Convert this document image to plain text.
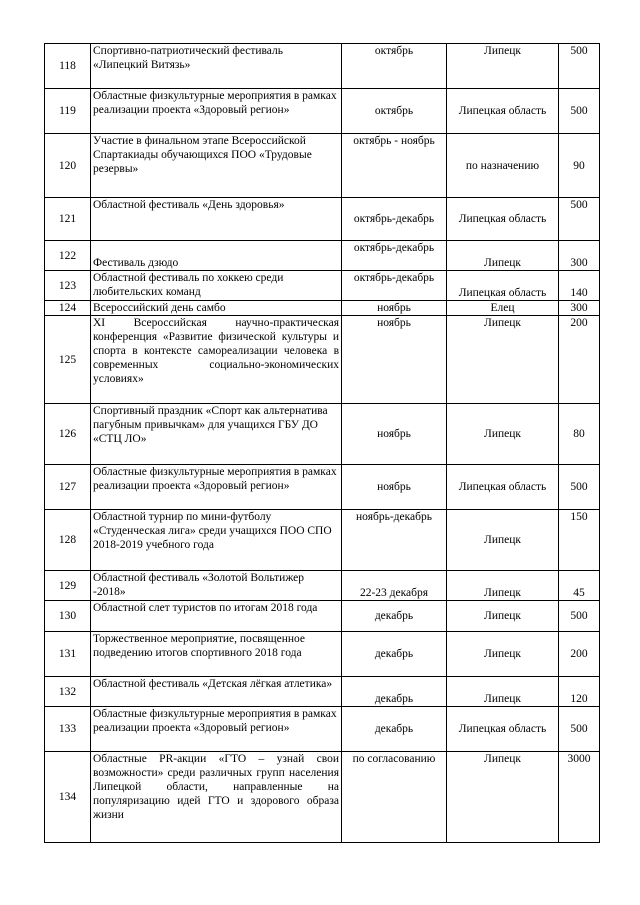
118	Спортивно-патриотический фестиваль «Липецкий Витязь»	октябрь	Липецк	500
119	Областные физкультурные мероприятия в рамках реализации проекта «Здоровый регион»	октябрь	Липецкая область	500
120	Участие в финальном этапе Всероссийской Спартакиады обучающихся ПОО «Трудовые резервы»	октябрь - ноябрь	по назначению	90
121	Областной фестиваль «День здоровья»	октябрь-декабрь	Липецкая область	500
122	Фестиваль дзюдо	октябрь-декабрь	Липецк	300
123	Областной фестиваль по хоккею среди любительских команд	октябрь-декабрь	Липецкая область	140
124	Всероссийский день самбо	ноябрь	Елец	300
125	XI Всероссийская научно-практическая конференция «Развитие физической культуры и спорта в контексте самореализации человека в современных социально-экономических условиях»	ноябрь	Липецк	200
126	Спортивный праздник «Спорт как альтернатива пагубным привычкам» для учащихся ГБУ ДО «СТЦ ЛО»	ноябрь	Липецк	80
127	Областные физкультурные мероприятия в рамках реализации проекта «Здоровый регион»	ноябрь	Липецкая область	500
128	Областной турнир по мини-футболу «Студенческая лига» среди учащихся ПОО СПО 2018-2019 учебного года	ноябрь-декабрь	Липецк	150
129	Областной фестиваль «Золотой Вольтижер -2018»	22-23 декабря	Липецк	45
130	Областной слет туристов по итогам 2018 года	декабрь	Липецк	500
131	Торжественное мероприятие, посвященное подведению итогов спортивного 2018 года	декабрь	Липецк	200
132	Областной фестиваль «Детская лёгкая атлетика»	декабрь	Липецк	120
133	Областные физкультурные мероприятия в рамках реализации проекта «Здоровый регион»	декабрь	Липецкая область	500
134	Областные PR-акции «ГТО – узнай свои возможности» среди различных групп населения Липецкой области, направленные на популяризацию идей ГТО и здорового образа жизни	по согласованию	Липецк	3000
